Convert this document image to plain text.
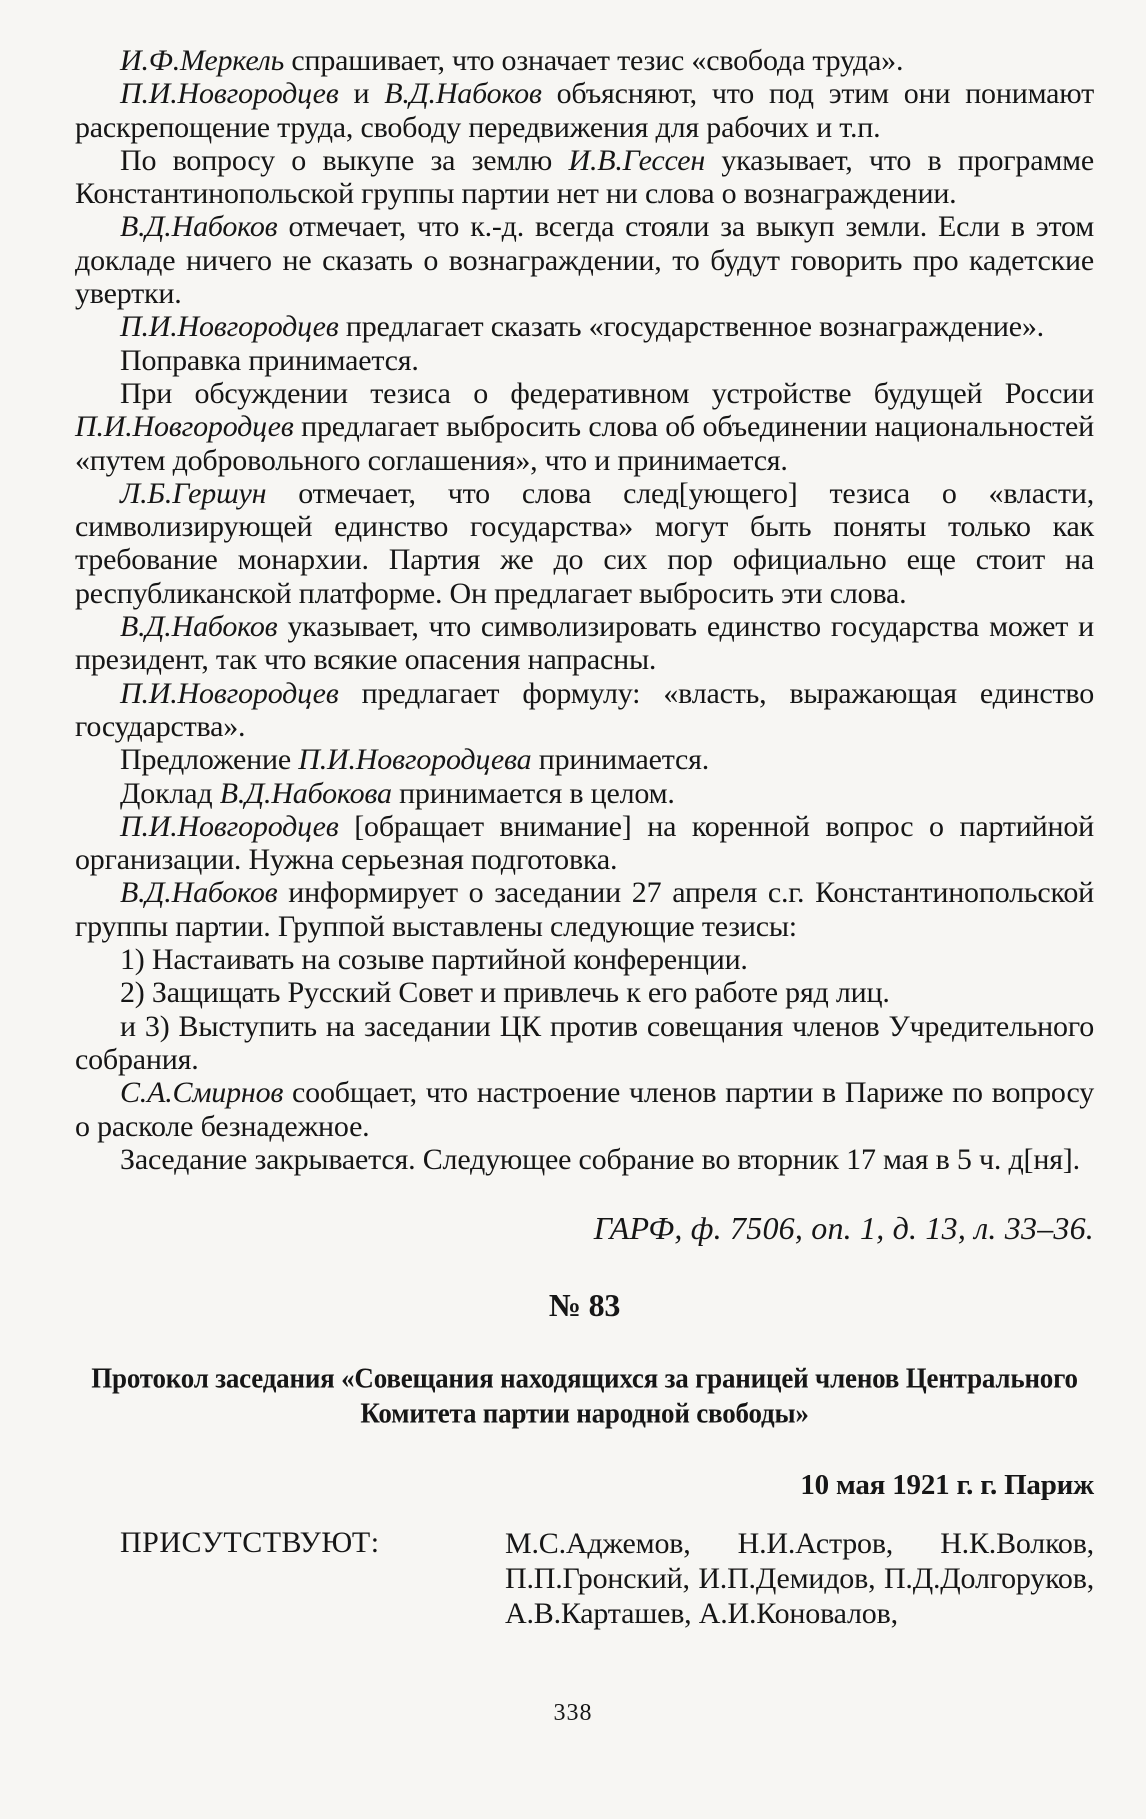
И.Ф.Меркель спрашивает, что означает тезис «свобода труда».

П.И.Новгородцев и В.Д.Набоков объясняют, что под этим они понимают раскрепощение труда, свободу передвижения для рабочих и т.п.

По вопросу о выкупе за землю И.В.Гессен указывает, что в программе Константинопольской группы партии нет ни слова о вознаграждении.

В.Д.Набоков отмечает, что к.-д. всегда стояли за выкуп земли. Если в этом докладе ничего не сказать о вознаграждении, то будут говорить про кадетские увертки.

П.И.Новгородцев предлагает сказать «государственное вознаграждение».

Поправка принимается.

При обсуждении тезиса о федеративном устройстве будущей России П.И.Новгородцев предлагает выбросить слова об объединении национальностей «путем добровольного соглашения», что и принимается.

Л.Б.Гершун отмечает, что слова след[ующего] тезиса о «власти, символизирующей единство государства» могут быть поняты только как требование монархии. Партия же до сих пор официально еще стоит на республиканской платформе. Он предлагает выбросить эти слова.

В.Д.Набоков указывает, что символизировать единство государства может и президент, так что всякие опасения напрасны.

П.И.Новгородцев предлагает формулу: «власть, выражающая единство государства».

Предложение П.И.Новгородцева принимается.

Доклад В.Д.Набокова принимается в целом.

П.И.Новгородцев [обращает внимание] на коренной вопрос о партийной организации. Нужна серьезная подготовка.

В.Д.Набоков информирует о заседании 27 апреля с.г. Константинопольской группы партии. Группой выставлены следующие тезисы:

1) Настаивать на созыве партийной конференции.

2) Защищать Русский Совет и привлечь к его работе ряд лиц.

и 3) Выступить на заседании ЦК против совещания членов Учредительного собрания.

С.А.Смирнов сообщает, что настроение членов партии в Париже по вопросу о расколе безнадежное.

Заседание закрывается. Следующее собрание во вторник 17 мая в 5 ч. д[ня].

ГАРФ, ф. 7506, оп. 1, д. 13, л. 33–36.

№ 83
Протокол заседания «Совещания находящихся за границей членов Центрального Комитета партии народной свободы»
10 мая 1921 г. г. Париж
ПРИСУТСТВУЮТ:	М.С.Аджемов, Н.И.Астров, Н.К.Волков, П.П.Гронский, И.П.Демидов, П.Д.Долгоруков, А.В.Карташев, А.И.Коновалов,
338
